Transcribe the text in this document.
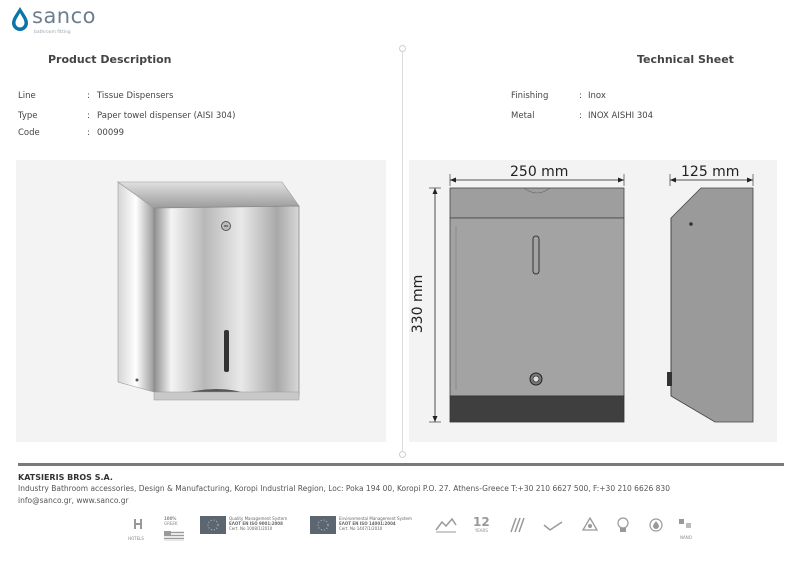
sanco
bathroom fitting
Product Description	Technical Sheet
Line	: Tissue Dispensers
Type	: Paper towel dispenser (AISI 304)
Code	: 00099
Finishing	: Inox
Metal	: INOX AISHI 304
250 mm	125 mm
330 mm
KATSIERIS BROS S.A.
Industry Bathroom accessories, Design & Manufacturing, Koropi Industrial Region, Loc: Poka 194 00, Koropi P.O. 27. Athens-Greece T:+30 210 6627 500, F:+30 210 6626 830
info@sanco.gr, www.sanco.gr
HOTELS
100%
GREEK
Quality Management System
ΕΛΟΤ EN ISO 9001:2008
Cert. No 1008/1/2010
Environmental Management System
ΕΛΟΤ EN ISO 14001:2004
Cert. No 1447/1/2010	12
YEARS
NANO
